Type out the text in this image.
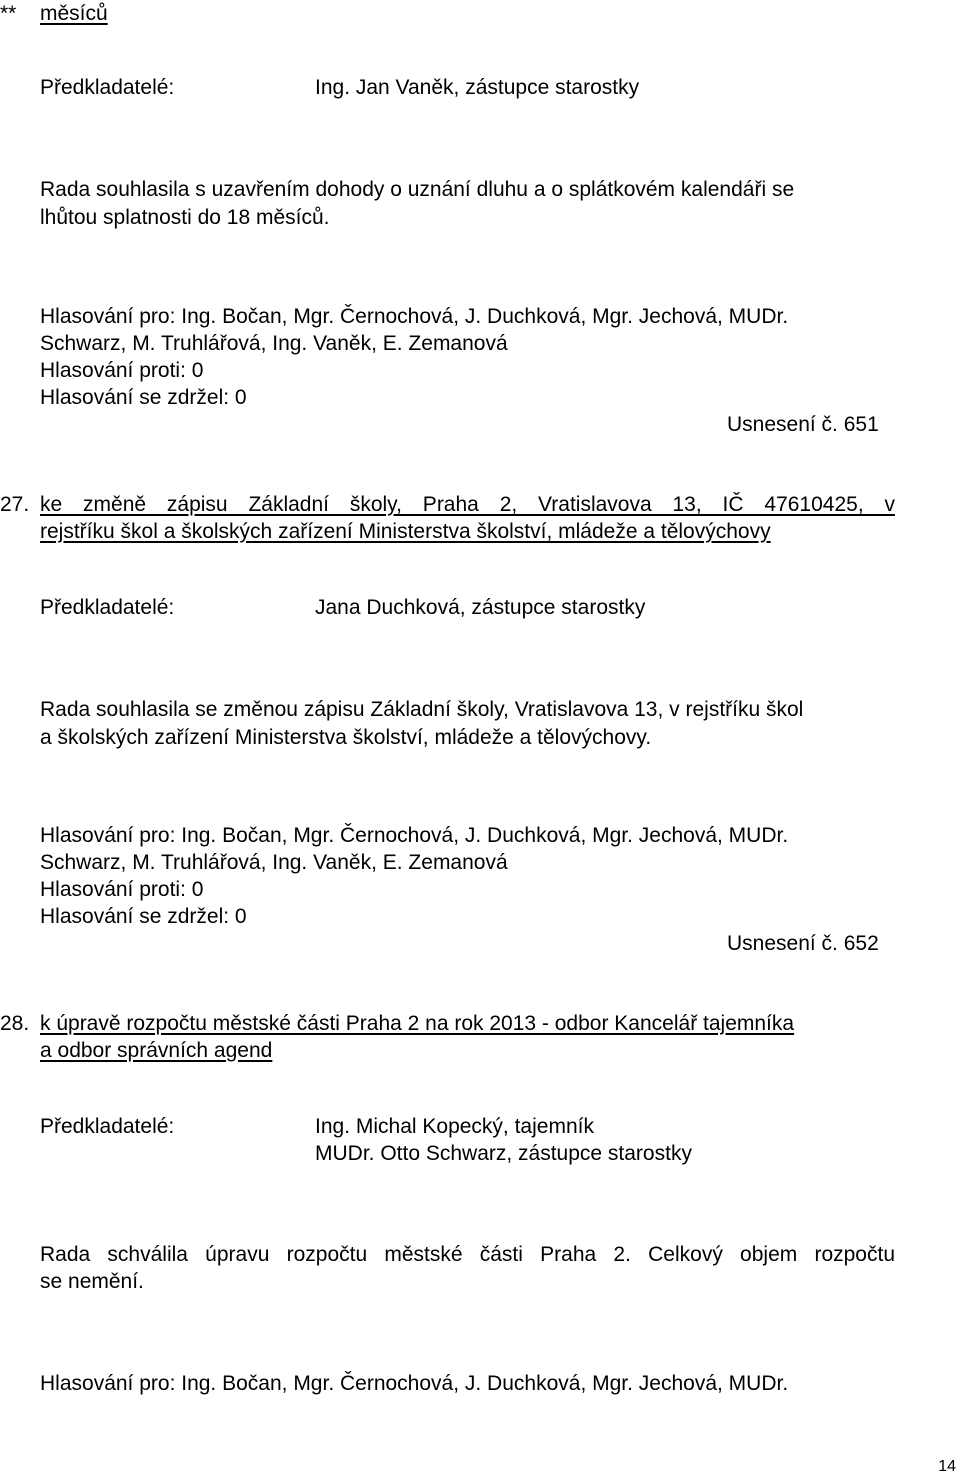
** měsíců
Předkladatelé:	Ing. Jan Vaněk, zástupce starostky
Rada souhlasila s uzavřením dohody o uznání dluhu a o splátkovém kalendáři se
lhůtou splatnosti do 18 měsíců.
Hlasování pro: Ing. Bočan, Mgr. Černochová, J. Duchková, Mgr. Jechová, MUDr.
Schwarz, M. Truhlářová, Ing. Vaněk, E. Zemanová
Hlasování proti: 0
Hlasování se zdržel: 0
Usnesení č. 651
27. ke změně zápisu Základní školy, Praha 2, Vratislavova 13, IČ 47610425, v
rejstříku škol a školských zařízení Ministerstva školství, mládeže a tělovýchovy
Předkladatelé:	Jana Duchková, zástupce starostky
Rada souhlasila se změnou zápisu Základní školy, Vratislavova 13, v rejstříku škol
a školských zařízení Ministerstva školství, mládeže a tělovýchovy.
Hlasování pro: Ing. Bočan, Mgr. Černochová, J. Duchková, Mgr. Jechová, MUDr.
Schwarz, M. Truhlářová, Ing. Vaněk, E. Zemanová
Hlasování proti: 0
Hlasování se zdržel: 0
Usnesení č. 652
28. k úpravě rozpočtu městské části Praha 2 na rok 2013 - odbor Kancelář tajemníka
a odbor správních agend
Předkladatelé:	Ing. Michal Kopecký, tajemník
MUDr. Otto Schwarz, zástupce starostky
Rada schválila úpravu rozpočtu městské části Praha 2. Celkový objem rozpočtu
se nemění.
Hlasování pro: Ing. Bočan, Mgr. Černochová, J. Duchková, Mgr. Jechová, MUDr.
14
